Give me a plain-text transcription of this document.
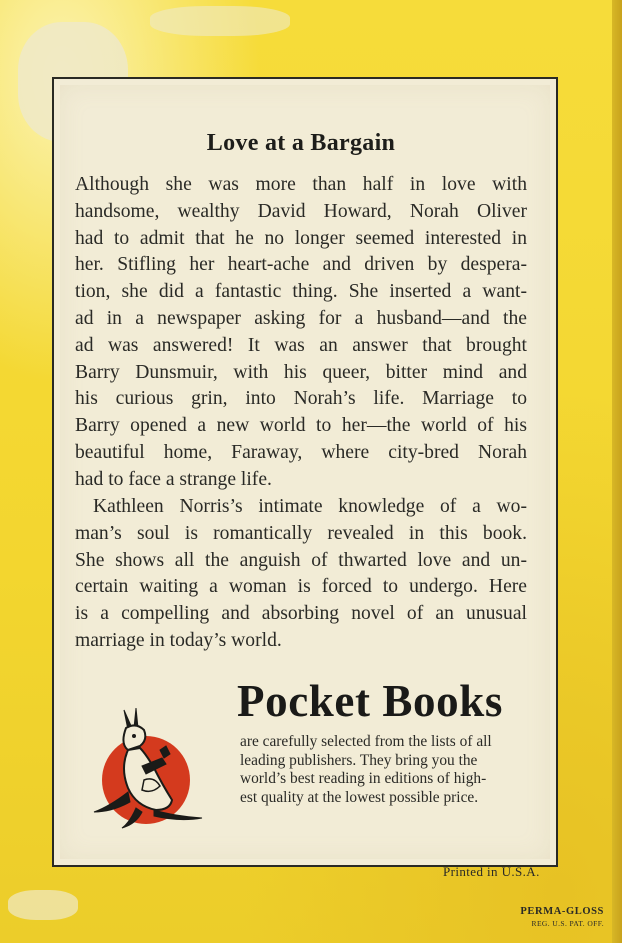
Love at a Bargain
Although she was more than half in love with
handsome, wealthy David Howard, Norah Oliver
had to admit that he no longer seemed interested in
her. Stifling her heart-ache and driven by despera-
tion, she did a fantastic thing. She inserted a want-
ad in a newspaper asking for a husband—and the
ad was answered! It was an answer that brought
Barry Dunsmuir, with his queer, bitter mind and
his curious grin, into Norah’s life. Marriage to
Barry opened a new world to her—the world of his
beautiful home, Faraway, where city-bred Norah
had to face a strange life.
Kathleen Norris’s intimate knowledge of a wo-
man’s soul is romantically revealed in this book.
She shows all the anguish of thwarted love and un-
certain waiting a woman is forced to undergo. Here
is a compelling and absorbing novel of an unusual
marriage in today’s world.
Pocket Books
are carefully selected from the lists of all
leading publishers. They bring you the
world’s best reading in editions of high-
est quality at the lowest possible price.
Printed in U.S.A.
PERMA-GLOSS
REG. U.S. PAT. OFF.
